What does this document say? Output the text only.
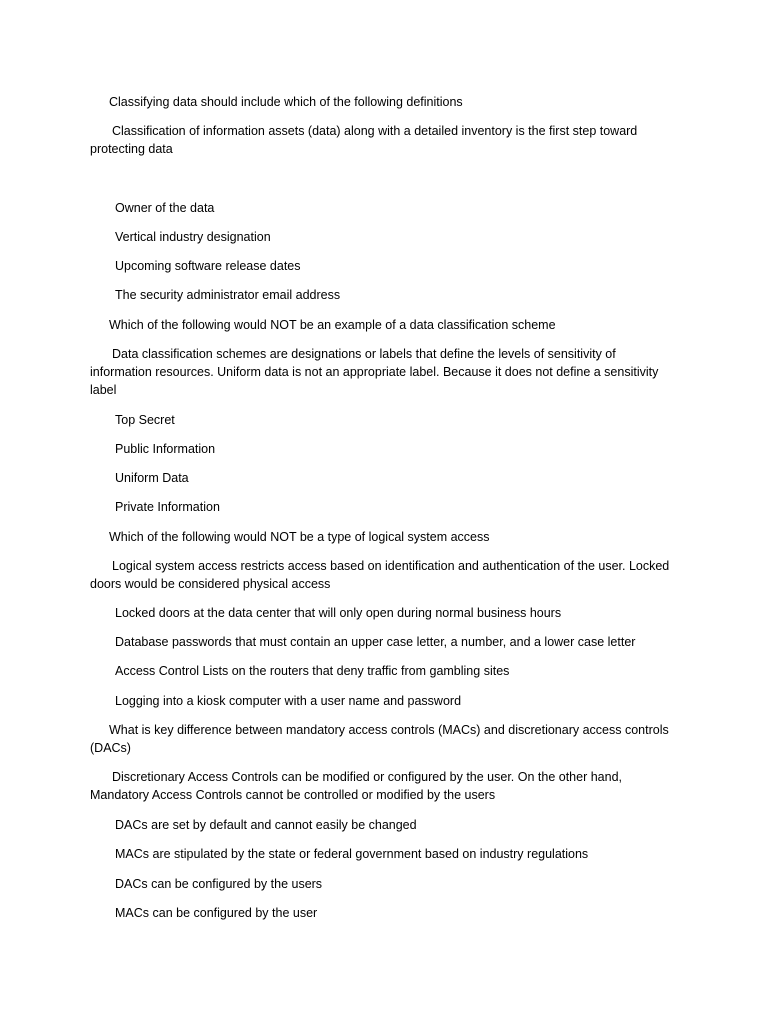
Classifying data should include which of the following definitions

Classification of information assets (data) along with a detailed inventory is the first step toward protecting data

Owner of the data

Vertical industry designation

Upcoming software release dates

The security administrator email address

Which of the following would NOT be an example of a data classification scheme

Data classification schemes are designations or labels that define the levels of sensitivity of information resources. Uniform data is not an appropriate label. Because it does not define a sensitivity label

Top Secret

Public Information

Uniform Data

Private Information

Which of the following would NOT be a type of logical system access

Logical system access restricts access based on identification and authentication of the user. Locked doors would be considered physical access

Locked doors at the data center that will only open during normal business hours

Database passwords that must contain an upper case letter, a number, and a lower case letter

Access Control Lists on the routers that deny traffic from gambling sites

Logging into a kiosk computer with a user name and password

What is key difference between mandatory access controls (MACs) and discretionary access controls (DACs)

Discretionary Access Controls can be modified or configured by the user. On the other hand, Mandatory Access Controls cannot be controlled or modified by the users

DACs are set by default and cannot easily be changed

MACs are stipulated by the state or federal government based on industry regulations

DACs can be configured by the users

MACs can be configured by the user
